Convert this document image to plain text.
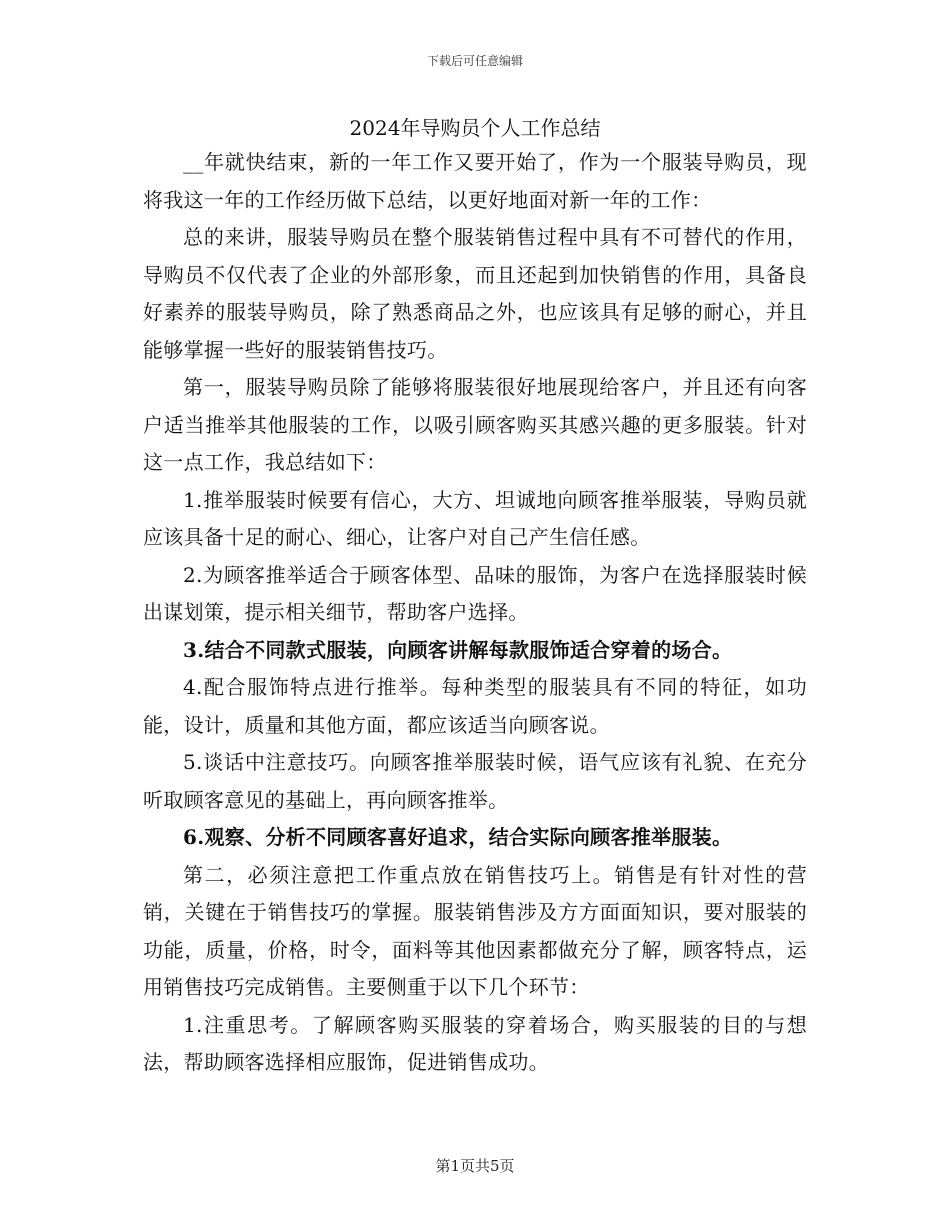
下载后可任意编辑
2024年导购员个人工作总结

__年就快结束，新的一年工作又要开始了，作为一个服装导购员，现将我这一年的工作经历做下总结，以更好地面对新一年的工作：

总的来讲，服装导购员在整个服装销售过程中具有不可替代的作用，导购员不仅代表了企业的外部形象，而且还起到加快销售的作用，具备良好素养的服装导购员，除了熟悉商品之外，也应该具有足够的耐心，并且能够掌握一些好的服装销售技巧。

第一，服装导购员除了能够将服装很好地展现给客户，并且还有向客户适当推举其他服装的工作，以吸引顾客购买其感兴趣的更多服装。针对这一点工作，我总结如下：

1.推举服装时候要有信心，大方、坦诚地向顾客推举服装，导购员就应该具备十足的耐心、细心，让客户对自己产生信任感。

2.为顾客推举适合于顾客体型、品味的服饰，为客户在选择服装时候出谋划策，提示相关细节，帮助客户选择。

3.结合不同款式服装，向顾客讲解每款服饰适合穿着的场合。

4.配合服饰特点进行推举。每种类型的服装具有不同的特征，如功能，设计，质量和其他方面，都应该适当向顾客说。

5.谈话中注意技巧。向顾客推举服装时候，语气应该有礼貌、在充分听取顾客意见的基础上，再向顾客推举。

6.观察、分析不同顾客喜好追求，结合实际向顾客推举服装。

第二，必须注意把工作重点放在销售技巧上。销售是有针对性的营销，关键在于销售技巧的掌握。服装销售涉及方方面面知识，要对服装的功能，质量，价格，时令，面料等其他因素都做充分了解，顾客特点，运用销售技巧完成销售。主要侧重于以下几个环节：

1.注重思考。了解顾客购买服装的穿着场合，购买服装的目的与想法，帮助顾客选择相应服饰，促进销售成功。

第1页共5页
